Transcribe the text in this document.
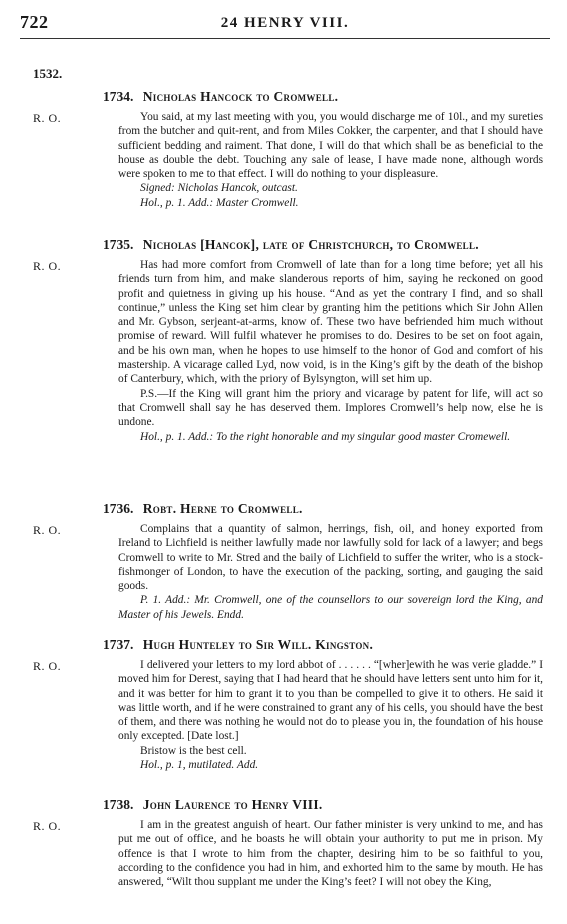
722	24 HENRY VIII.
1532.
R. O.
1734. Nicholas Hancock to Cromwell.

You said, at my last meeting with you, you would discharge me of 10l., and my sureties from the butcher and quit-rent, and from Miles Cokker, the carpenter, and that I should have sufficient bedding and raiment. That done, I will do that which shall be as beneficial to the house as double the debt. Touching any sale of lease, I have made none, although words were spoken to me to that effect. I will do nothing to your displeasure.

Signed: Nicholas Hancok, outcast.

Hol., p. 1. Add.: Master Cromwell.

R. O.
1735. Nicholas [Hancok], late of Christchurch, to Cromwell.

Has had more comfort from Cromwell of late than for a long time before; yet all his friends turn from him, and make slanderous reports of him, saying he reckoned on good profit and quietness in giving up his house. “And as yet the contrary I find, and so shall continue,” unless the King set him clear by granting him the petitions which Sir John Allen and Mr. Gybson, serjeant-at-arms, know of. These two have befriended him much without promise of reward. Will fulfil whatever he promises to do. Desires to be set on foot again, and be his own man, when he hopes to use himself to the honor of God and comfort of his mastership. A vicarage called Lyd, now void, is in the King’s gift by the death of the bishop of Canterbury, which, with the priory of Bylsyngton, will set him up.

P.S.—If the King will grant him the priory and vicarage by patent for life, will act so that Cromwell shall say he has deserved them. Implores Cromwell’s help now, else he is undone.

Hol., p. 1. Add.: To the right honorable and my singular good master Cromewell.

R. O.
1736. Robt. Herne to Cromwell.

Complains that a quantity of salmon, herrings, fish, oil, and honey exported from Ireland to Lichfield is neither lawfully made nor lawfully sold for lack of a lawyer; and begs Cromwell to write to Mr. Stred and the baily of Lichfield to suffer the writer, who is a stock-fishmonger of London, to have the execution of the packing, sorting, and gauging the said goods.

P. 1. Add.: Mr. Cromwell, one of the counsellors to our sovereign lord the King, and Master of his Jewels. Endd.

R. O.
1737. Hugh Hunteley to Sir Will. Kingston.

I delivered your letters to my lord abbot of . . . . . . “[wher]ewith he was verie gladde.” I moved him for Derest, saying that I had heard that he should have letters sent unto him for it, and it was better for him to grant it to you than be compelled to give it to others. He said it was little worth, and if he were constrained to grant any of his cells, you should have the best of them, and there was nothing he would not do to please you in, the foundation of his house only excepted. [Date lost.]

Bristow is the best cell.

Hol., p. 1, mutilated. Add.

R. O.
1738. John Laurence to Henry VIII.

I am in the greatest anguish of heart. Our father minister is very unkind to me, and has put me out of office, and he boasts he will obtain your authority to put me in prison. My offence is that I wrote to him from the chapter, desiring him to be so faithful to you, according to the confidence you had in him, and exhorted him to the same by mouth. He has answered, “Wilt thou supplant me under the King’s feet? I will not obey the King,
